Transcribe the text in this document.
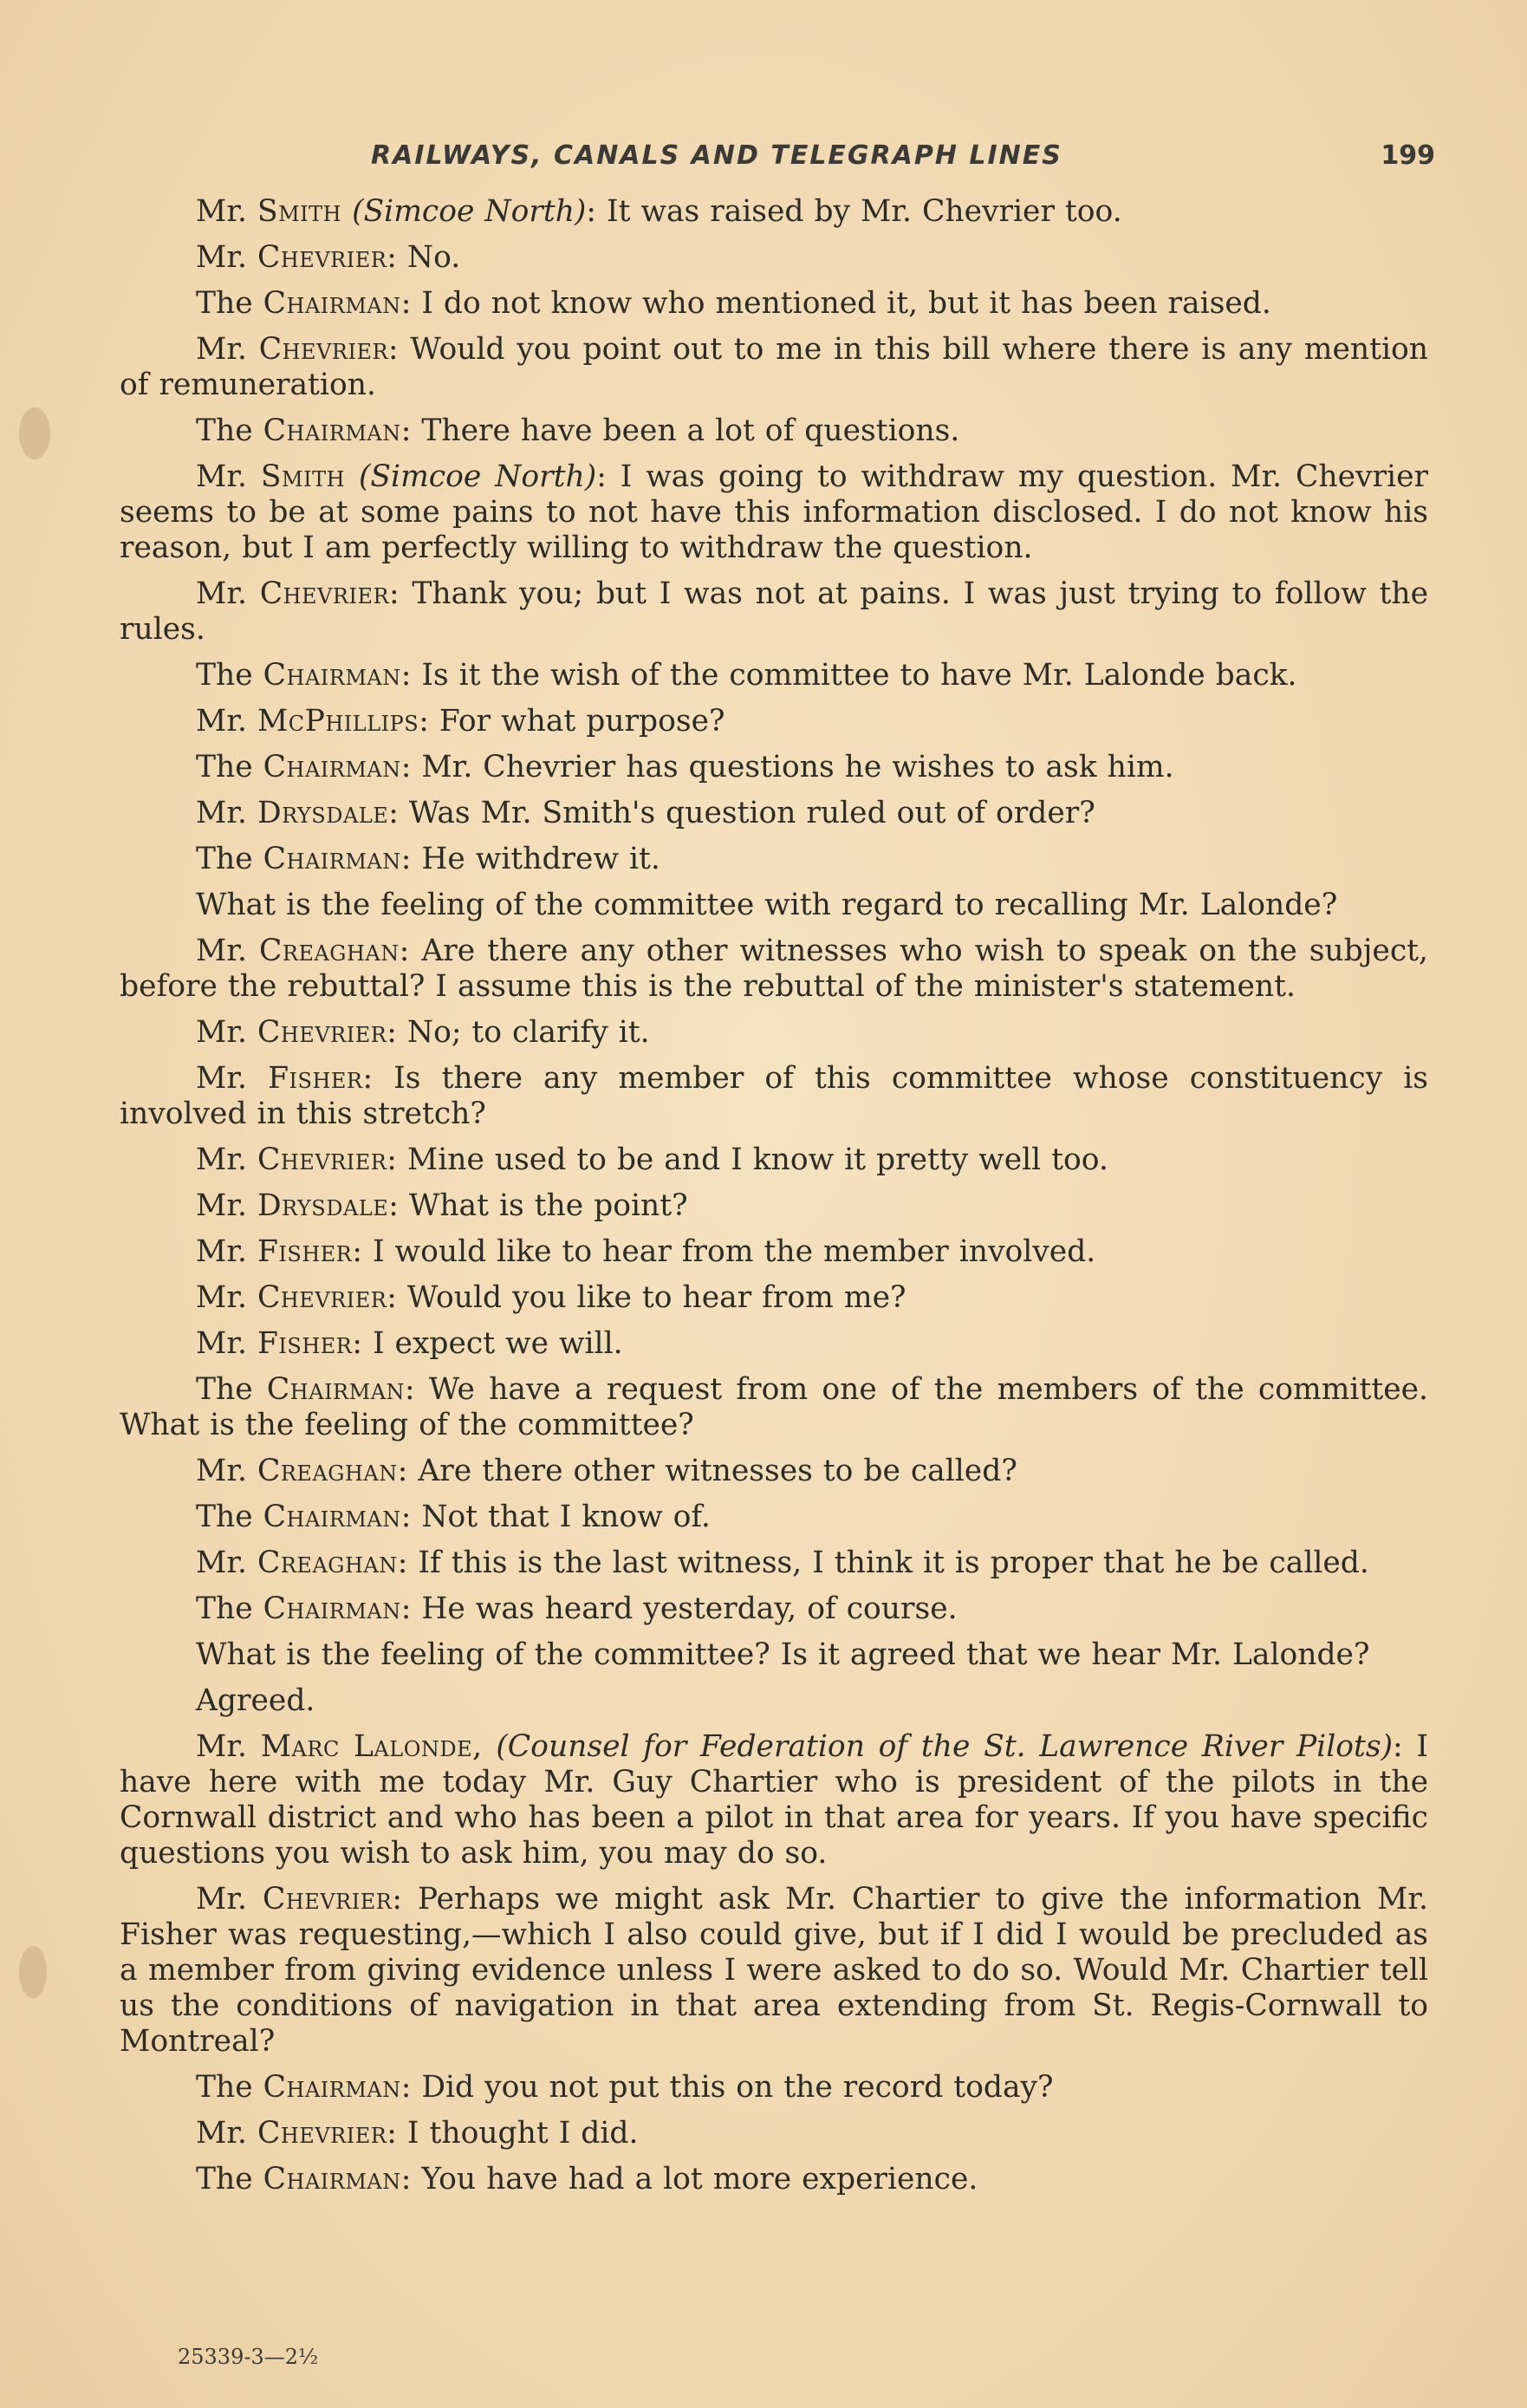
RAILWAYS, CANALS AND TELEGRAPH LINES	199

Mr. Smith (Simcoe North): It was raised by Mr. Chevrier too.

Mr. Chevrier: No.

The Chairman: I do not know who mentioned it, but it has been raised.

Mr. Chevrier: Would you point out to me in this bill where there is any mention of remuneration.

The Chairman: There have been a lot of questions.

Mr. Smith (Simcoe North): I was going to withdraw my question. Mr. Chevrier seems to be at some pains to not have this information disclosed. I do not know his reason, but I am perfectly willing to withdraw the question.

Mr. Chevrier: Thank you; but I was not at pains. I was just trying to follow the rules.

The Chairman: Is it the wish of the committee to have Mr. Lalonde back.

Mr. McPhillips: For what purpose?

The Chairman: Mr. Chevrier has questions he wishes to ask him.

Mr. Drysdale: Was Mr. Smith's question ruled out of order?

The Chairman: He withdrew it.

What is the feeling of the committee with regard to recalling Mr. Lalonde?

Mr. Creaghan: Are there any other witnesses who wish to speak on the subject, before the rebuttal? I assume this is the rebuttal of the minister's statement.

Mr. Chevrier: No; to clarify it.

Mr. Fisher: Is there any member of this committee whose constituency is involved in this stretch?

Mr. Chevrier: Mine used to be and I know it pretty well too.

Mr. Drysdale: What is the point?

Mr. Fisher: I would like to hear from the member involved.

Mr. Chevrier: Would you like to hear from me?

Mr. Fisher: I expect we will.

The Chairman: We have a request from one of the members of the committee. What is the feeling of the committee?

Mr. Creaghan: Are there other witnesses to be called?

The Chairman: Not that I know of.

Mr. Creaghan: If this is the last witness, I think it is proper that he be called.

The Chairman: He was heard yesterday, of course.

What is the feeling of the committee? Is it agreed that we hear Mr. Lalonde?

Agreed.

Mr. Marc Lalonde, (Counsel for Federation of the St. Lawrence River Pilots): I have here with me today Mr. Guy Chartier who is president of the pilots in the Cornwall district and who has been a pilot in that area for years. If you have specific questions you wish to ask him, you may do so.

Mr. Chevrier: Perhaps we might ask Mr. Chartier to give the information Mr. Fisher was requesting,—which I also could give, but if I did I would be precluded as a member from giving evidence unless I were asked to do so. Would Mr. Chartier tell us the conditions of navigation in that area extending from St. Regis-Cornwall to Montreal?

The Chairman: Did you not put this on the record today?

Mr. Chevrier: I thought I did.

The Chairman: You have had a lot more experience.

25339-3—2½
